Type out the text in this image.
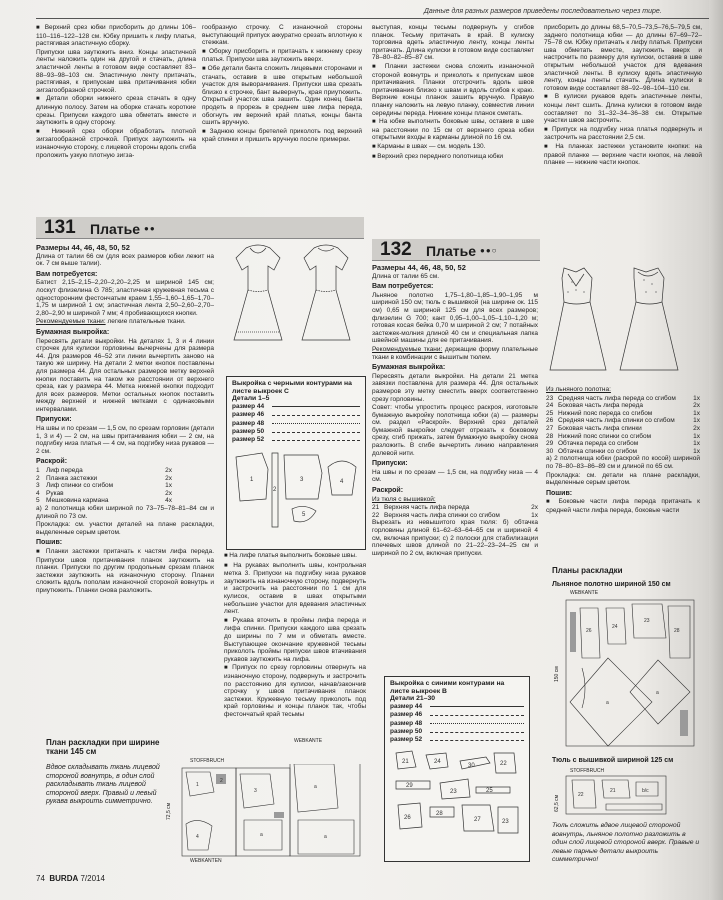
Данные для разных размеров приведены последовательно через тире.

■ Верхний срез юбки присборить до длины 106–110–116–122–128 см. Юбку пришить к лифу платья, растягивая эластичную сборку.

Припуски шва заутюжить вниз. Концы эластичной ленты наложить один на другой и стачать, длина эластичной ленты в готовом виде составляет 83–88–93–98–103 см. Эластичную ленту притачать, растягивая, к припускам шва притачивания юбки зигзагообразной строчкой.

■ Детали оборки нижнего среза стачать в одну длинную полосу. Затем на оборке стачать короткие срезы. Припуски каждого шва обметать вместе и заутюжить в одну сторону.

■ Нижний срез оборки обработать плотной зигзагообразной строчкой. Припуск заутюжить на изнаночную сторону, с лицевой стороны вдоль сгиба проложить узкую плотную зигза-

гообразную строчку. С изнаночной стороны выступающий припуск аккуратно срезать вплотную к стежкам.

■ Оборку присборить и притачать к нижнему срезу платья. Припуски шва заутюжить вверх.

■ Обе детали банта сложить лицевыми сторонами и стачать, оставив в шве открытым небольшой участок для выворачивания. Припуски шва срезать близко к строчке, бант вывернуть, края приутюжить. Открытый участок шва зашить. Один конец банта продеть в прорезь в среднем шве лифа переда, обогнуть им верхний край платья, концы банта сшить вручную.

■ Заднюю концы бретелей приколоть под верхний край спинки и пришить вручную после примерки.

выступая, концы тесьмы подвернуть у сгибов планок. Тесьму притачать в край. В кулиску торговина вдеть эластичную ленту, концы ленты притачать. Длина кулиски в готовом виде составляет 78–80–82–85–87 см.

■ Планки застежки снова сложить изнаночной стороной вовнутрь и приколоть к припускам швов притачивания. Планки отстрочить вдоль швов притачивания близко к швам и вдоль сгибов к краю. Верхние концы планок зашить вручную. Правую планку наложить на левую планку, совместив линии середины переда. Нижние концы планок сметать.

■ На юбке выполнить боковые швы, оставив в шве на расстоянии по 15 см от верхнего среза юбки открытыми входы в карманы длиной по 16 см.

■ Карманы в швах — см. модель 130.

■ Верхний срез переднего полотнища юбки

присборить до длины 68,5–70,5–73,5–76,5–79,5 см, заднего полотнища юбки — до длины 67–69–72–75–78 см. Юбку притачать к лифу платья. Припуски шва обметать вместе, заутюжить вверх и настрочить по размеру для кулиски, оставив в шве открытым небольшой участок для вдевания эластичной ленты. В кулиску вдеть эластичную ленту, концы ленты стачать. Длина кулиски в готовом виде составляет 88–92–98–104–110 см.

■ В кулиски рукавов вдеть эластичные ленты, концы лент сшить. Длина кулиски в готовом виде составляет по 31–32–34–36–38 см. Открытые участки швов застрочить.

■ Припуск на подгибку низа платья подвернуть и застрочить на расстоянии 2,5 см.

■ На планках застежки установите кнопки: на правой планке — верхние части кнопок, на левой планке — нижние части кнопок.

131 Платье ●●
132 Платье ●●○

Размеры 44, 46, 48, 50, 52

Длина от талии 66 см (для всех размеров юбки лежит на ок. 7 см выше талии).

Вам потребуется:

Батист 2,15–2,15–2,20–2,20–2,25 м шириной 145 см; лоскут флизелина G 785; эластичная кружевная тесьма с односторонним фестончатым краем 1,55–1,60–1,65–1,70–1,75 м шириной 1 см; эластичная лента 2,50–2,60–2,70–2,80–2,90 м шириной 7 мм; 4 пробивающихся кнопки.

Рекомендуемые ткани: легкие плательные ткани.

Бумажная выкройка:

Пересвять детали выкройки. На деталях 1, 3 и 4 линии строчек для кулиски горловины вычерчены для размера 44. Для размеров 46–52 эти линии вычертить заново на такую же ширину. На детали 2 метки кнопок поставлены для размера 44. Для остальных размеров метку верхней кнопки поставить на таком же расстоянии от верхнего среза, как у размера 44. Метка нижней кнопки подходит для всех размеров. Метки остальных кнопок поставить между верхней и нижней метками с одинаковыми интервалами.

Припуски:

На швы и по срезам — 1,5 см, по срезам горловин (детали 1, 3 и 4) — 2 см, на швы притачивания юбки — 2 см, на подгибку низа платья — 4 см, на подгибку низа рукавов — 2 см.

Раскрой:

1 Лиф переда	2x
2 Планка застежки	2x
3 Лиф спинки со сгибом	1x
4 Рукав	2x
5 Мешковина кармана	4x

а) 2 полотнища юбки шириной по 73–75–78–81–84 см и длиной по 73 см.

Прокладка: см. участки деталей на плане раскладки, выделенные серым цветом.

Пошив:

■ Планки застежки притачать к частям лифа переда. Припуски швов притачивания планок заутюжить на планки. Припуски по другим продольным срезам планок застежки заутюжить на изнаночную сторону. Планки сложить вдоль пополам изнаночной стороной вовнутрь и приутюжить. Планки снова разложить.

Выкройка с черными контурами на листе выкроек С
Детали 1–5
размер 44
размер 46
размер 48
размер 50
размер 52
1
2
3	4
5

■ На лифе платья выполнить боковые швы.

■ На рукавах выполнить швы, контрольная метка 3. Припуски на подгибку низа рукавов заутюжить на изнаночную сторону, подвернуть и застрочить на расстоянии по 1 см для кулисок, оставив в швах открытыми небольшие участки для вдевания эластичных лент.

■ Рукава вточить в проймы лифа переда и лифа спинки. Припуски каждого шва срезать до ширины по 7 мм и обметать вместе. Выступающее окончание кружевной тесьмы приколоть проймы припуски швов втачивания рукавов заутюжить на лифа.

■ Припуск по срезу горловины отвернуть на изнаночную сторону, подвернуть и застрочить по расстоянию для кулиски, начав/закончив строчку у швов притачивания планок застежки. Кружевную тесьму приколоть под край горловины и концы планок так, чтобы фестончатый край тесьмы

План раскладки при ширине ткани 145 см
Вдвое складывать ткань лицевой стороной вовнутрь, в один слой раскладывать ткань лицевой стороной вверх. Правый и левый рукава выкроить симметрично.
STOFFBRUCH
WEBKANTE
72,5 см
WEBKANTEN
1
4
3
a
a
a
2

Размеры 44, 46, 48, 50, 52

Длина от талии 65 см.

Вам потребуется:

Льняное полотно 1,75–1,80–1,85–1,90–1,95 м шириной 150 см; тюль с вышивкой (на ширине ок. 115 см) 0,65 м шириной 125 см для всех размеров; флизелин G 700; кант 0,95–1,00–1,05–1,10–1,20 м; готовая косая бейка 0,70 м шириной 2 см; 7 потайных застежек-молния длиной 40 см и специальная лапка швейной машины для ее притачивания.

Рекомендуемые ткани: держащие форму плательные ткани в комбинации с вышитым тюлем.

Бумажная выкройка:

Пересвять детали выкройки. На детали 21 метка завязки поставлена для размера 44. Для остальных размеров эту метку сместить вверх соответственно срезу горловины.

Совет: чтобы упростить процесс раскроя, изготовьте бумажную выкройку полотнища юбки (а) — размеры см. раздел «Раскрой». Верхний срез деталей бумажной выкройки следует отрезать к боковому срезу, сгиб прижать, затем бумажную выкройку снова разложить. В сгибе вычертить линию направления долевой нити.

Припуски:

На швы и по срезам — 1,5 см, на подгибку низа — 4 см.

Раскрой:

Из тюля с вышивкой:

21 Верхняя часть лифа переда	2x
22 Верхняя часть лифа спинки со сгибом	1x

Вырезать из невышитого края тюля: б) обтачка горловины длиной 61–62–63–64–65 см и шириной 4 см, включая припуски; с) 2 полоски для стабилизации плечевых швов длиной по 21–22–23–24–25 см и шириной по 2 см, включая припуски.

Выкройка с синими контурами на листе выкроек В
Детали 21–30
размер 44
размер 46
размер 48
размер 50
размер 52
21	24
30	22
29
23	25
26
28
27	23

Из льняного полотна:

23 Средняя часть лифа переда со сгибом	1x
24 Боковая часть лифа переда	2x
25 Нижний пояс переда со сгибом	1x
26 Средняя часть лифа спинки со сгибом	1x
27 Боковая часть лифа спинки	2x
28 Нижний пояс спинки со сгибом	1x
29 Обтачка переда со сгибом	1x
30 Обтачка спинки со сгибом	1x

а) 2 полотнища юбки (раскрой по косой) шириной по 78–80–83–86–89 см и длиной по 65 см.

Прокладка: см. детали на плане раскладки, выделенные серым цветом.

Пошив:

■ Боковые части лифа переда притачать к средней части лифа переда, боковые части

Планы раскладки
Льняное полотно шириной 150 см
WEBKANTE
150 см
26
24
23
28
a
a
Тюль с вышивкой шириной 125 см
STOFFBRUCH
62,5 см	22
21	b/c
Тюль сложить вдвое лицевой стороной вовнутрь, льняное полотно разложить в один слой лицевой стороной вверх. Правые и левые парные детали выкроить симметрично!
74 BURDA 7/2014
